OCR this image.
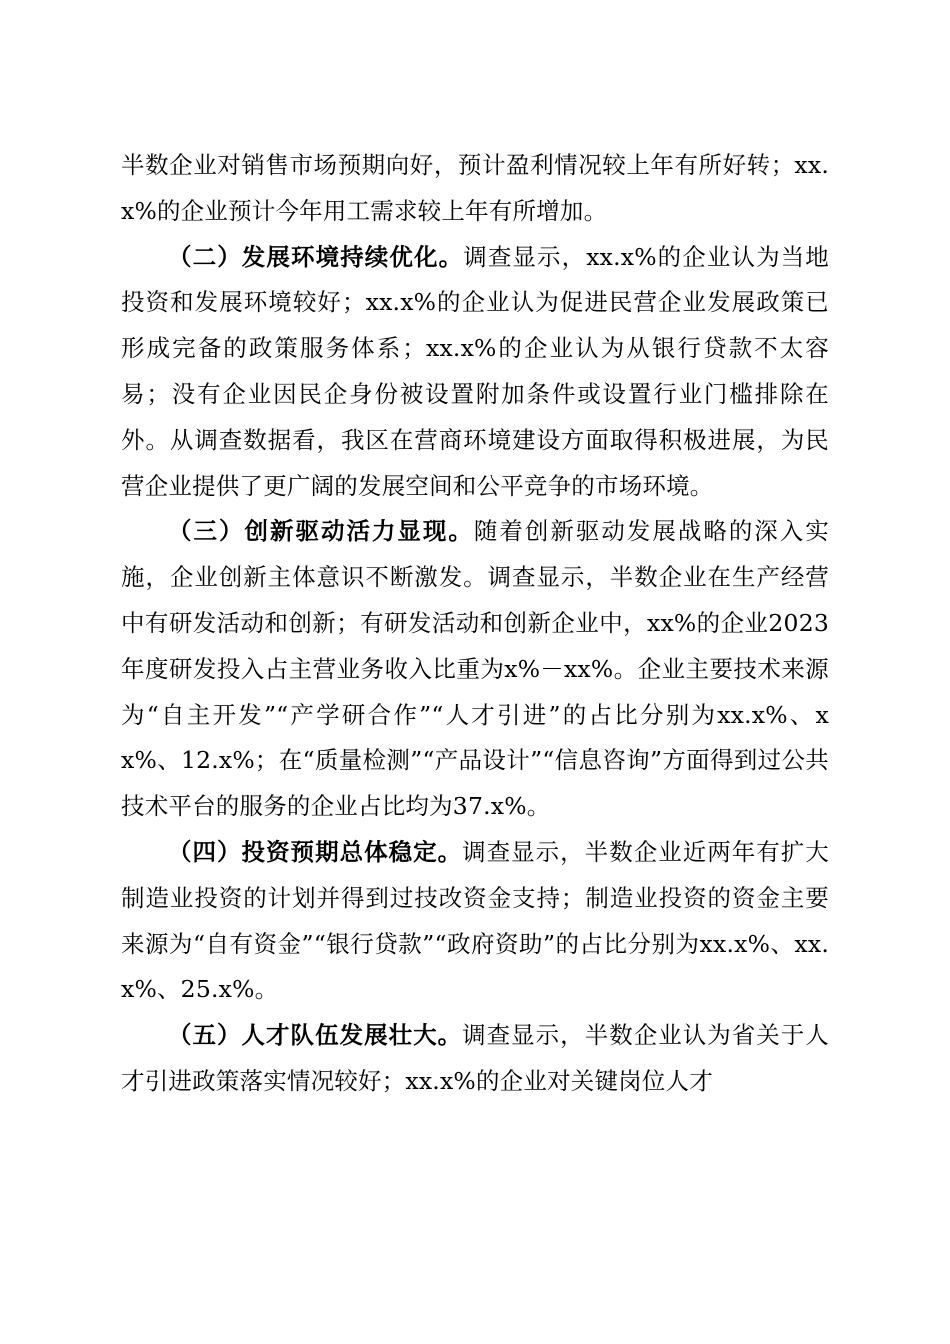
半数企业对销售市场预期向好，预计盈利情况较上年有所好转；xx.x%的企业预计今年用工需求较上年有所增加。

（二）发展环境持续优化。调查显示，xx.x%的企业认为当地投资和发展环境较好；xx.x%的企业认为促进民营企业发展政策已形成完备的政策服务体系；xx.x%的企业认为从银行贷款不太容易；没有企业因民企身份被设置附加条件或设置行业门槛排除在外。从调查数据看，我区在营商环境建设方面取得积极进展，为民营企业提供了更广阔的发展空间和公平竞争的市场环境。

（三）创新驱动活力显现。随着创新驱动发展战略的深入实施，企业创新主体意识不断激发。调查显示，半数企业在生产经营中有研发活动和创新；有研发活动和创新企业中，xx%的企业2023年度研发投入占主营业务收入比重为x%－xx%。企业主要技术来源为“自主开发”“产学研合作”“人才引进”的占比分别为xx.x%、xx%、12.x%；在“质量检测”“产品设计”“信息咨询”方面得到过公共技术平台的服务的企业占比均为37.x%。

（四）投资预期总体稳定。调查显示，半数企业近两年有扩大制造业投资的计划并得到过技改资金支持；制造业投资的资金主要来源为“自有资金”“银行贷款”“政府资助”的占比分别为xx.x%、xx.x%、25.x%。

（五）人才队伍发展壮大。调查显示，半数企业认为省关于人才引进政策落实情况较好；xx.x%的企业对关键岗位人才
